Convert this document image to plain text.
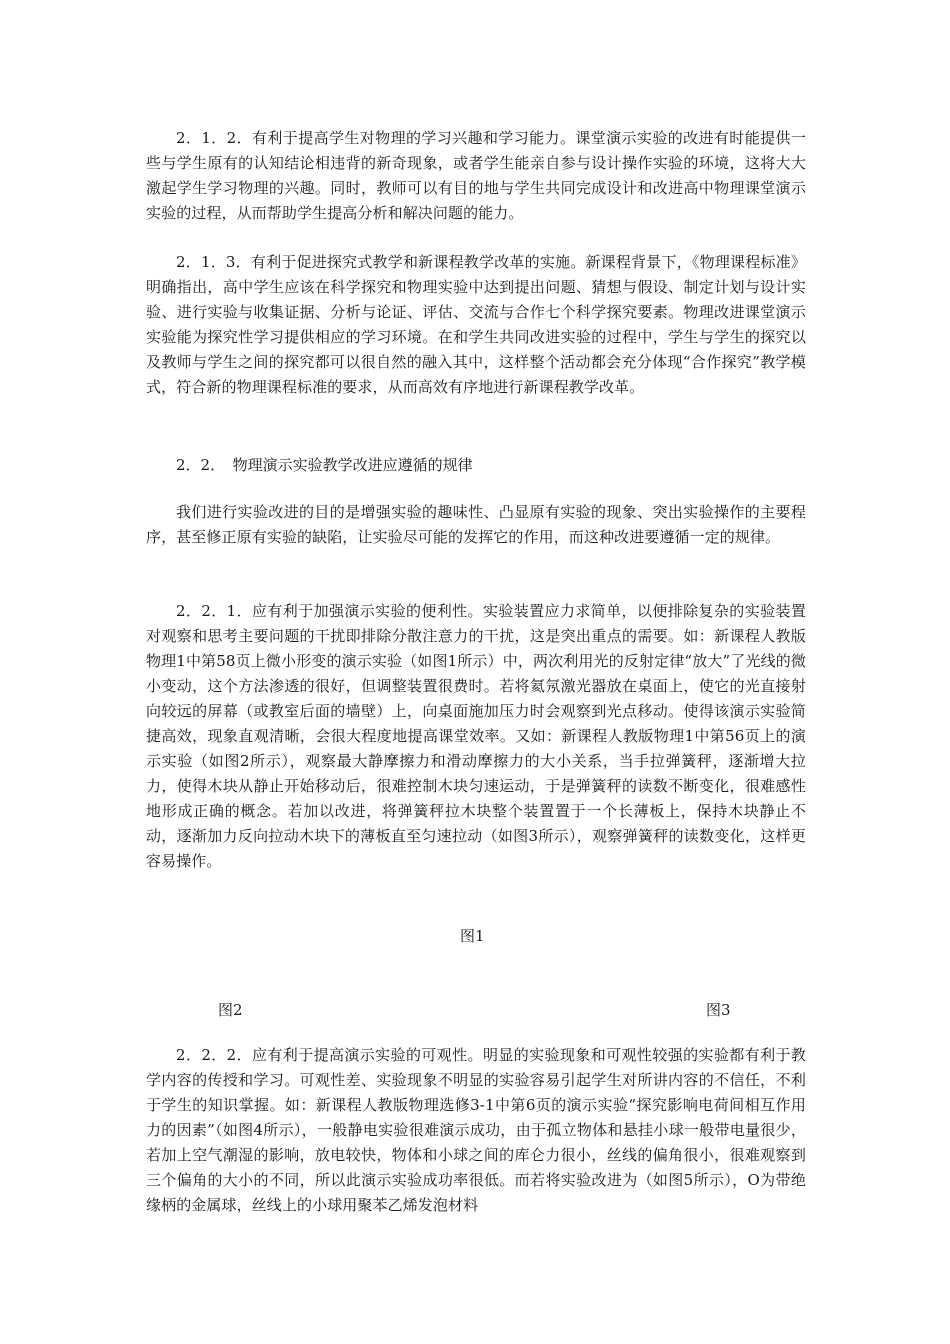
2．1．2．有利于提高学生对物理的学习兴趣和学习能力。课堂演示实验的改进有时能提供一些与学生原有的认知结论相违背的新奇现象，或者学生能亲自参与设计操作实验的环境，这将大大激起学生学习物理的兴趣。同时，教师可以有目的地与学生共同完成设计和改进高中物理课堂演示实验的过程，从而帮助学生提高分析和解决问题的能力。

2．1．3．有利于促进探究式教学和新课程教学改革的实施。新课程背景下，《物理课程标准》明确指出，高中学生应该在科学探究和物理实验中达到提出问题、猜想与假设、制定计划与设计实验、进行实验与收集证据、分析与论证、评估、交流与合作七个科学探究要素。物理改进课堂演示实验能为探究性学习提供相应的学习环境。在和学生共同改进实验的过程中，学生与学生的探究以及教师与学生之间的探究都可以很自然的融入其中，这样整个活动都会充分体现“合作探究”教学模式，符合新的物理课程标准的要求，从而高效有序地进行新课程教学改革。

2．2．　物理演示实验教学改进应遵循的规律

我们进行实验改进的目的是增强实验的趣味性、凸显原有实验的现象、突出实验操作的主要程序，甚至修正原有实验的缺陷，让实验尽可能的发挥它的作用，而这种改进要遵循一定的规律。

2．2．1．应有利于加强演示实验的便利性。实验装置应力求简单，以便排除复杂的实验装置对观察和思考主要问题的干扰即排除分散注意力的干扰，这是突出重点的需要。如：新课程人教版物理1中第58页上微小形变的演示实验（如图1所示）中，两次利用光的反射定律“放大”了光线的微小变动，这个方法渗透的很好，但调整装置很费时。若将氦氖激光器放在桌面上，使它的光直接射向较远的屏幕（或教室后面的墙壁）上，向桌面施加压力时会观察到光点移动。使得该演示实验简捷高效，现象直观清晰，会很大程度地提高课堂效率。又如：新课程人教版物理1中第56页上的演示实验（如图2所示），观察最大静摩擦力和滑动摩擦力的大小关系，当手拉弹簧秤，逐渐增大拉力，使得木块从静止开始移动后，很难控制木块匀速运动，于是弹簧秤的读数不断变化，很难感性地形成正确的概念。若加以改进，将弹簧秤拉木块整个装置置于一个长薄板上，保持木块静止不动，逐渐加力反向拉动木块下的薄板直至匀速拉动（如图3所示），观察弹簧秤的读数变化，这样更容易操作。

图1

图2	图3

2．2．2．应有利于提高演示实验的可观性。明显的实验现象和可观性较强的实验都有利于教学内容的传授和学习。可观性差、实验现象不明显的实验容易引起学生对所讲内容的不信任，不利于学生的知识掌握。如：新课程人教版物理选修3-1中第6页的演示实验“探究影响电荷间相互作用力的因素”（如图4所示），一般静电实验很难演示成功，由于孤立物体和悬挂小球一般带电量很少，若加上空气潮湿的影响，放电较快，物体和小球之间的库仑力很小，丝线的偏角很小，很难观察到三个偏角的大小的不同，所以此演示实验成功率很低。而若将实验改进为（如图5所示），O为带绝缘柄的金属球，丝线上的小球用聚苯乙烯发泡材料
